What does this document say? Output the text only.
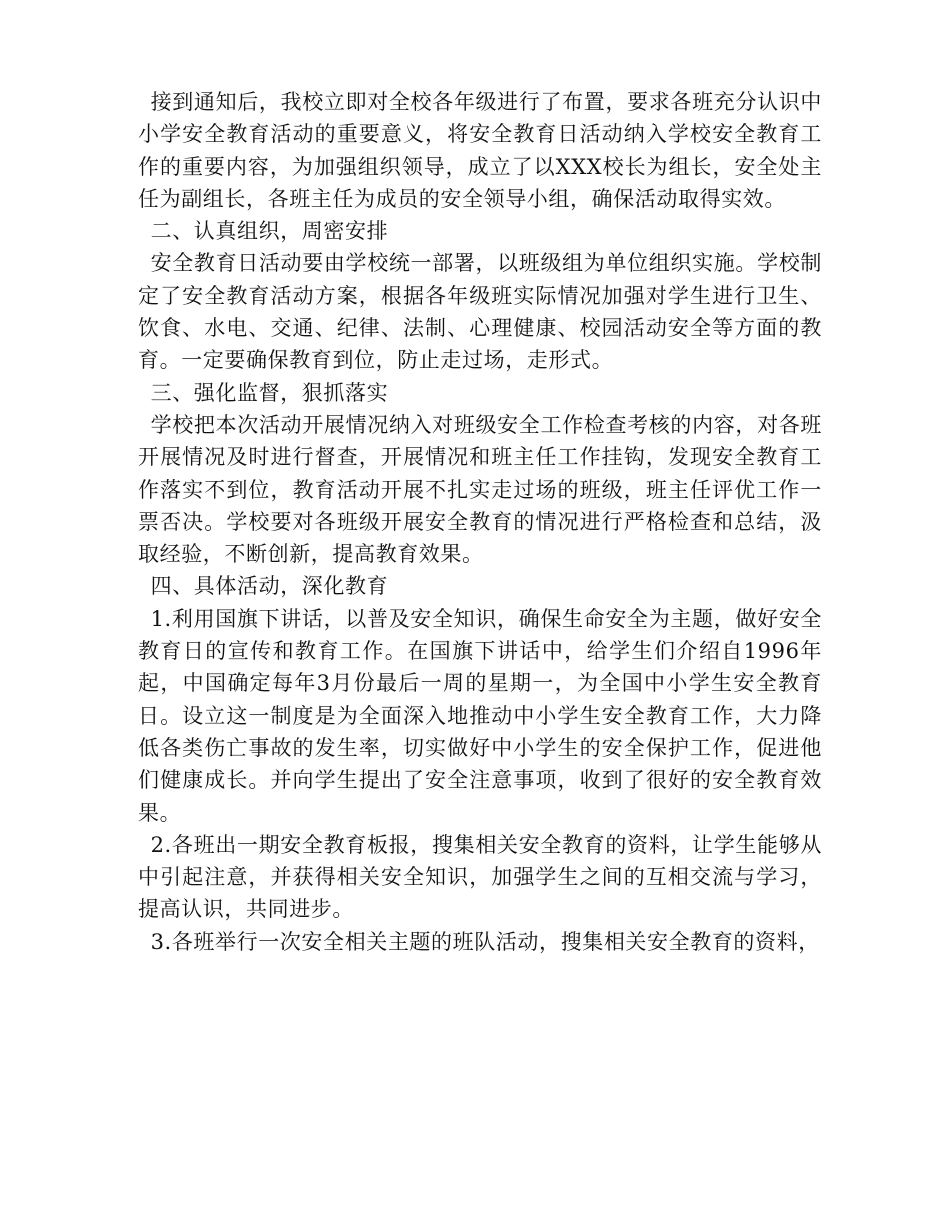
接到通知后，我校立即对全校各年级进行了布置，要求各班充分认识中小学安全教育活动的重要意义，将安全教育日活动纳入学校安全教育工作的重要内容，为加强组织领导，成立了以XXX校长为组长，安全处主任为副组长，各班主任为成员的安全领导小组，确保活动取得实效。

二、认真组织，周密安排

安全教育日活动要由学校统一部署，以班级组为单位组织实施。学校制定了安全教育活动方案，根据各年级班实际情况加强对学生进行卫生、饮食、水电、交通、纪律、法制、心理健康、校园活动安全等方面的教育。一定要确保教育到位，防止走过场，走形式。

三、强化监督，狠抓落实

学校把本次活动开展情况纳入对班级安全工作检查考核的内容，对各班开展情况及时进行督查，开展情况和班主任工作挂钩，发现安全教育工作落实不到位，教育活动开展不扎实走过场的班级，班主任评优工作一票否决。学校要对各班级开展安全教育的情况进行严格检查和总结，汲取经验，不断创新，提高教育效果。

四、具体活动，深化教育

1.利用国旗下讲话，以普及安全知识，确保生命安全为主题，做好安全教育日的宣传和教育工作。在国旗下讲话中，给学生们介绍自1996年起，中国确定每年3月份最后一周的星期一，为全国中小学生安全教育日。设立这一制度是为全面深入地推动中小学生安全教育工作，大力降低各类伤亡事故的发生率，切实做好中小学生的安全保护工作，促进他们健康成长。并向学生提出了安全注意事项，收到了很好的安全教育效果。

2.各班出一期安全教育板报，搜集相关安全教育的资料，让学生能够从中引起注意，并获得相关安全知识，加强学生之间的互相交流与学习，提高认识，共同进步。

3.各班举行一次安全相关主题的班队活动，搜集相关安全教育的资料，
